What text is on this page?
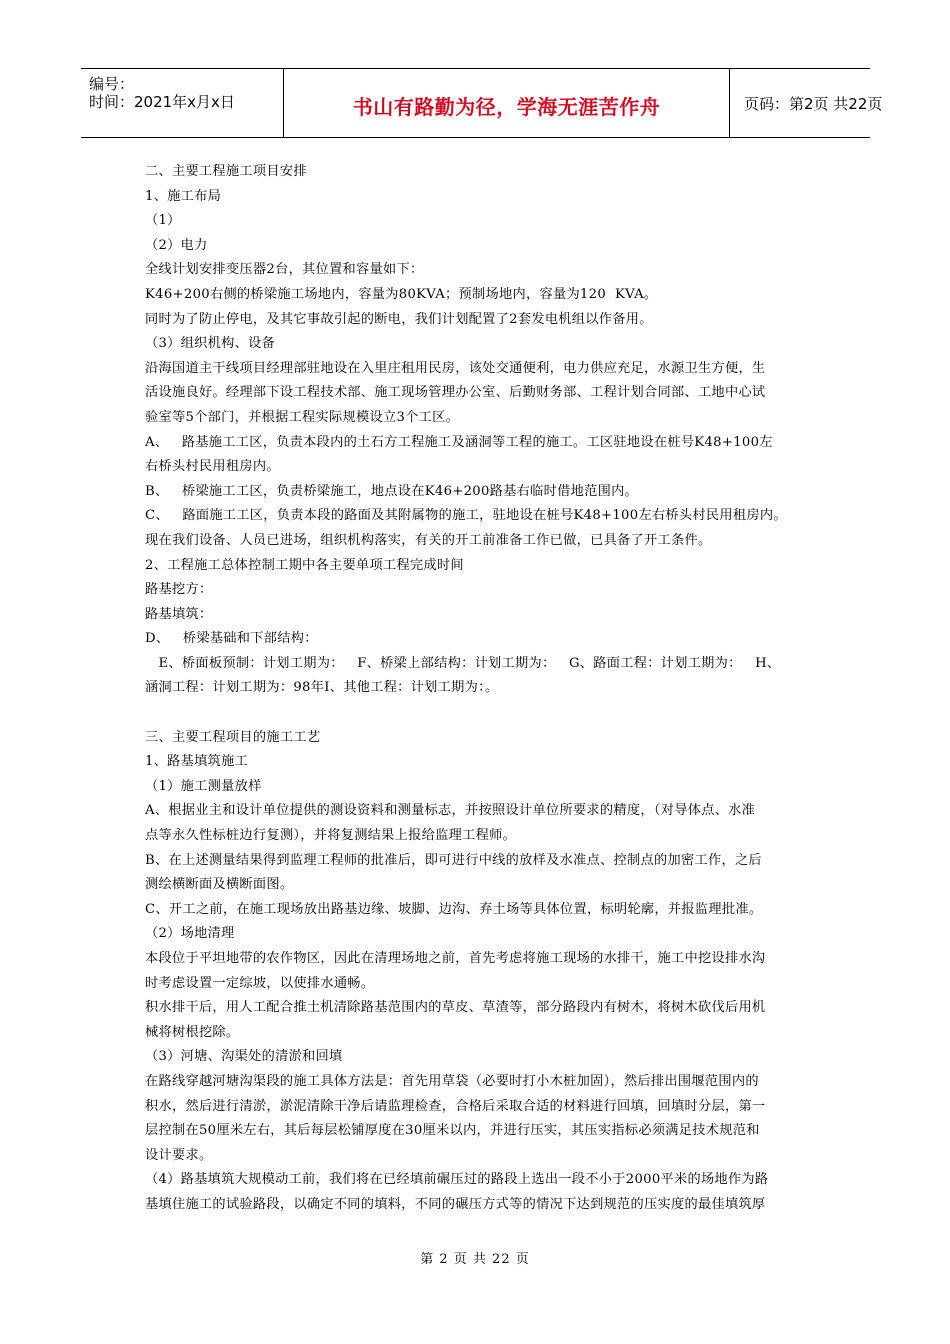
编号：
时间：2021年x月x日	书山有路勤为径，学海无涯苦作舟	页码：第2页 共22页

二、主要工程施工项目安排

1、施工布局

（1）

（2）电力

全线计划安排变压器2台，其位置和容量如下：

K46+200右侧的桥梁施工场地内，容量为80KVA；预制场地内，容量为120  KVA。

同时为了防止停电，及其它事故引起的断电，我们计划配置了2套发电机组以作备用。

（3）组织机构、设备

沿海国道主干线项目经理部驻地设在入里庄租用民房，该处交通便利，电力供应充足，水源卫生方便，生

活设施良好。经理部下设工程技术部、施工现场管理办公室、后勤财务部、工程计划合同部、工地中心试

验室等5个部门，并根据工程实际规模设立3个工区。

A、   路基施工工区，负责本段内的土石方工程施工及涵洞等工程的施工。工区驻地设在桩号K48+100左

右桥头村民用租房内。

B、   桥梁施工工区，负责桥梁施工，地点设在K46+200路基右临时借地范围内。

C、   路面施工工区，负责本段的路面及其附属物的施工，驻地设在桩号K48+100左右桥头村民用租房内。

现在我们设备、人员已进场，组织机构落实，有关的开工前准备工作已做，已具备了开工条件。

2、工程施工总体控制工期中各主要单项工程完成时间

路基挖方：

路基填筑：

D、   桥梁基础和下部结构：

E、桥面板预制：计划工期为：   F、桥梁上部结构：计划工期为：   G、路面工程：计划工期为：   H、

涵洞工程：计划工期为：98年I、其他工程：计划工期为：。

三、主要工程项目的施工工艺

1、路基填筑施工

（1）施工测量放样

A、根据业主和设计单位提供的测设资料和测量标志，并按照设计单位所要求的精度，（对导体点、水准

点等永久性标桩边行复测），并将复测结果上报给监理工程师。

B、在上述测量结果得到监理工程师的批准后，即可进行中线的放样及水准点、控制点的加密工作，之后

测绘横断面及横断面图。

C、开工之前，在施工现场放出路基边缘、坡脚、边沟、弃土场等具体位置，标明轮廓，并报监理批准。

（2）场地清理

本段位于平坦地带的农作物区，因此在清理场地之前，首先考虑将施工现场的水排干，施工中挖设排水沟

时考虑设置一定综坡，以使排水通畅。

积水排干后，用人工配合推土机清除路基范围内的草皮、草渣等，部分路段内有树木，将树木砍伐后用机

械将树根挖除。

（3）河塘、沟渠处的清淤和回填

在路线穿越河塘沟渠段的施工具体方法是：首先用草袋（必要时打小木桩加固），然后排出围堰范围内的

积水，然后进行清淤，淤泥清除干净后请监理检查，合格后采取合适的材料进行回填，回填时分层，第一

层控制在50厘米左右，其后每层松铺厚度在30厘米以内，并进行压实，其压实指标必须满足技术规范和

设计要求。

（4）路基填筑大规模动工前，我们将在已经填前碾压过的路段上选出一段不小于2000平米的场地作为路

基填住施工的试验路段，以确定不同的填料，不同的碾压方式等的情况下达到规范的压实度的最佳填筑厚

第 2 页 共 22 页
